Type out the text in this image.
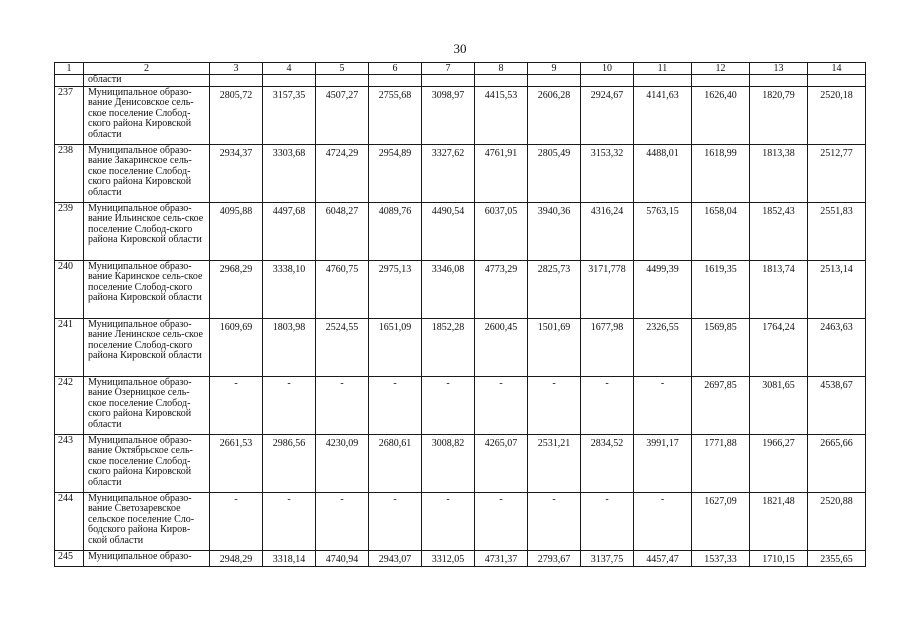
30
1	2	3	4	5	6	7	8	9	10	11	12	13	14
	области												
237	Муниципальное образо-вание Денисовское сель-ское поселение Слобод-ского района Кировской области	2805,72	3157,35	4507,27	2755,68	3098,97	4415,53	2606,28	2924,67	4141,63	1626,40	1820,79	2520,18
238	Муниципальное образо-вание Закаринское сель-ское поселение Слобод-ского района Кировской области	2934,37	3303,68	4724,29	2954,89	3327,62	4761,91	2805,49	3153,32	4488,01	1618,99	1813,38	2512,77
239	Муниципальное образо-вание Ильинское сель-ское поселение Слобод-ского района Кировской области	4095,88	4497,68	6048,27	4089,76	4490,54	6037,05	3940,36	4316,24	5763,15	1658,04	1852,43	2551,83
240	Муниципальное образо-вание Каринское сель-ское поселение Слобод-ского района Кировской области	2968,29	3338,10	4760,75	2975,13	3346,08	4773,29	2825,73	3171,778	4499,39	1619,35	1813,74	2513,14
241	Муниципальное образо-вание Ленинское сель-ское поселение Слобод-ского района Кировской области	1609,69	1803,98	2524,55	1651,09	1852,28	2600,45	1501,69	1677,98	2326,55	1569,85	1764,24	2463,63
242	Муниципальное образо-вание Озерницкое сель-ское поселение Слобод-ского района Кировской области	-	-	-	-	-	-	-	-	-	2697,85	3081,65	4538,67
243	Муниципальное образо-вание Октябрьское сель-ское поселение Слобод-ского района Кировской области	2661,53	2986,56	4230,09	2680,61	3008,82	4265,07	2531,21	2834,52	3991,17	1771,88	1966,27	2665,66
244	Муниципальное образо-вание Светозаревское сельское поселение Сло-бодского района Киров-ской области	-	-	-	-	-	-	-	-	-	1627,09	1821,48	2520,88
245	Муниципальное образо-	2948,29	3318,14	4740,94	2943,07	3312,05	4731,37	2793,67	3137,75	4457,47	1537,33	1710,15	2355,65
